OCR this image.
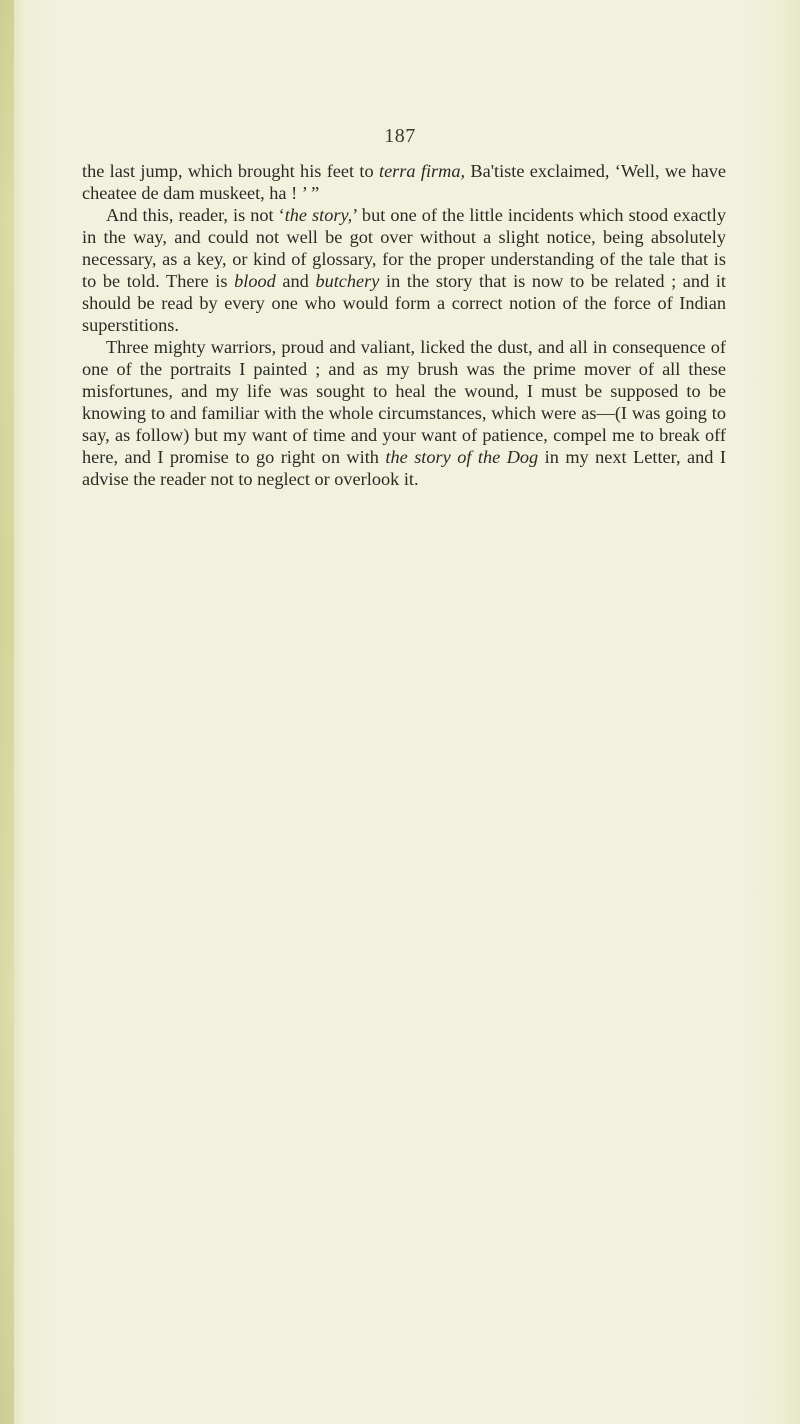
187

the last jump, which brought his feet to terra firma, Ba'tiste exclaimed, ‘Well, we have cheatee de dam muskeet, ha ! ’ ”

And this, reader, is not ‘the story,’ but one of the little incidents which stood exactly in the way, and could not well be got over without a slight notice, being absolutely necessary, as a key, or kind of glossary, for the proper understanding of the tale that is to be told. There is blood and butchery in the story that is now to be related ; and it should be read by every one who would form a correct notion of the force of Indian superstitions.

Three mighty warriors, proud and valiant, licked the dust, and all in consequence of one of the portraits I painted ; and as my brush was the prime mover of all these misfortunes, and my life was sought to heal the wound, I must be supposed to be knowing to and familiar with the whole circumstances, which were as—(I was going to say, as follow) but my want of time and your want of patience, compel me to break off here, and I promise to go right on with the story of the Dog in my next Letter, and I advise the reader not to neglect or overlook it.
